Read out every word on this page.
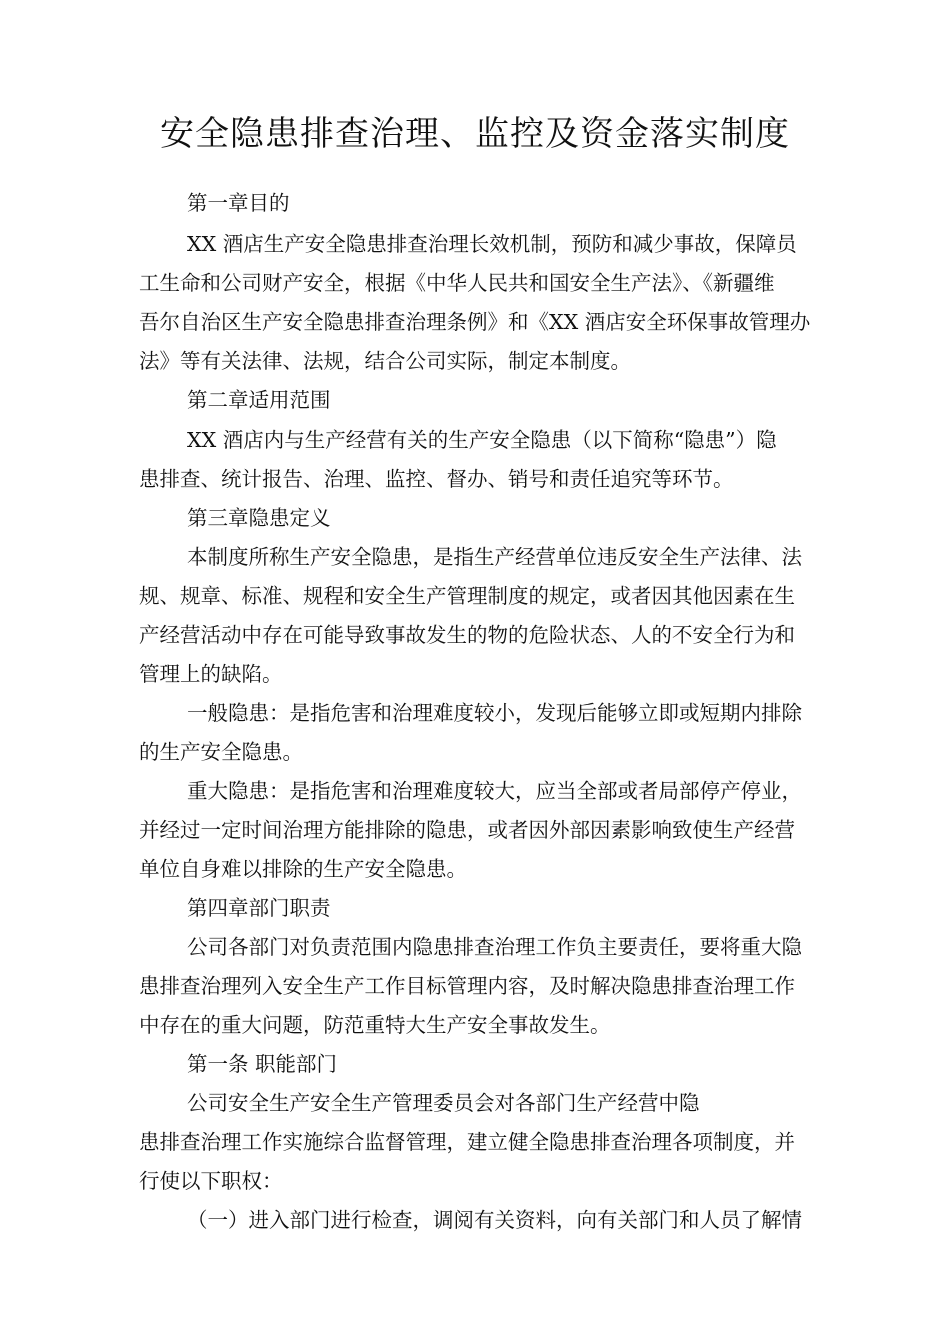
安全隐患排查治理、监控及资金落实制度
第一章目的
XX 酒店生产安全隐患排查治理长效机制，预防和减少事故，保障员
工生命和公司财产安全，根据《中华人民共和国安全生产法》、《新疆维
吾尔自治区生产安全隐患排查治理条例》和《XX 酒店安全环保事故管理办
法》等有关法律、法规，结合公司实际，制定本制度。
第二章适用范围
XX 酒店内与生产经营有关的生产安全隐患（以下简称“隐患”）隐
患排查、统计报告、治理、监控、督办、销号和责任追究等环节。
第三章隐患定义
本制度所称生产安全隐患，是指生产经营单位违反安全生产法律、法
规、规章、标准、规程和安全生产管理制度的规定，或者因其他因素在生
产经营活动中存在可能导致事故发生的物的危险状态、人的不安全行为和
管理上的缺陷。
一般隐患：是指危害和治理难度较小，发现后能够立即或短期内排除
的生产安全隐患。
重大隐患：是指危害和治理难度较大，应当全部或者局部停产停业，
并经过一定时间治理方能排除的隐患，或者因外部因素影响致使生产经营
单位自身难以排除的生产安全隐患。
第四章部门职责
公司各部门对负责范围内隐患排查治理工作负主要责任，要将重大隐
患排查治理列入安全生产工作目标管理内容，及时解决隐患排查治理工作
中存在的重大问题，防范重特大生产安全事故发生。
第一条 职能部门
公司安全生产安全生产管理委员会对各部门生产经营中隐
患排查治理工作实施综合监督管理，建立健全隐患排查治理各项制度，并
行使以下职权：
（一）进入部门进行检查，调阅有关资料，向有关部门和人员了解情
